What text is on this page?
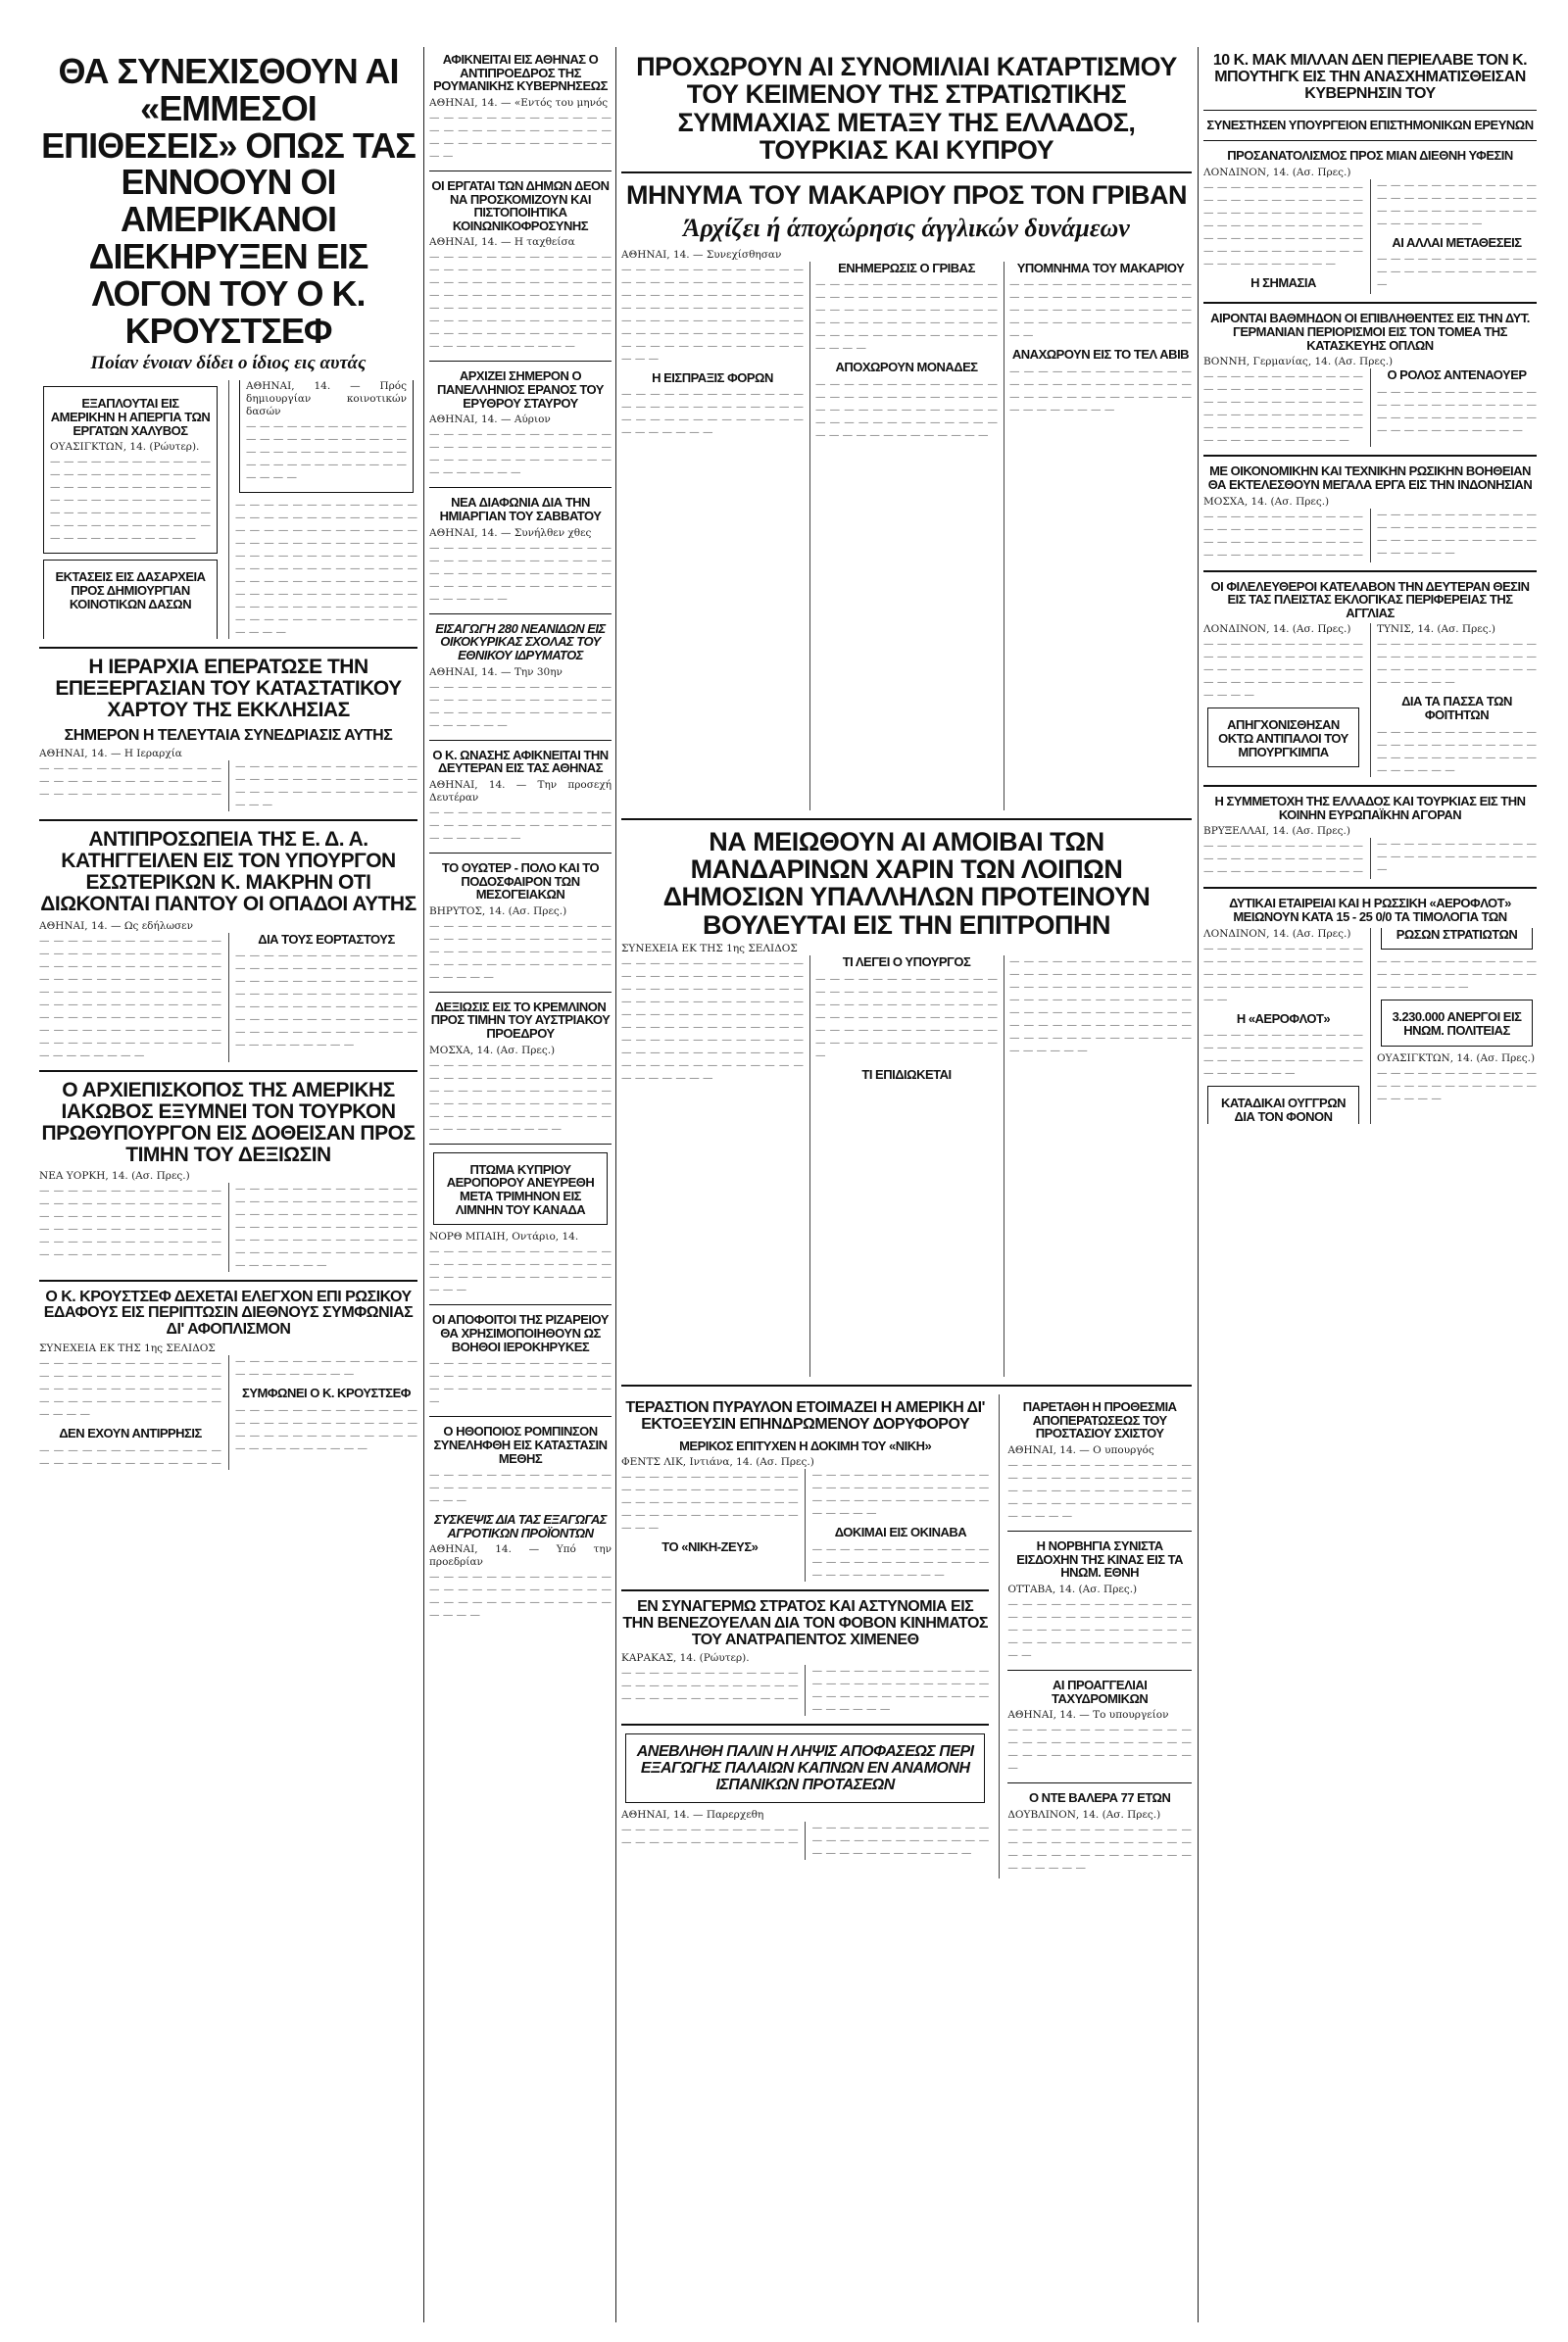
ΘΑ ΣΥΝΕΧΙΣΘΟΥΝ ΑΙ «ΕΜΜΕΣΟΙ ΕΠΙΘΕΣΕΙΣ» ΟΠΩΣ ΤΑΣ ΕΝΝΟΟΥΝ ΟΙ ΑΜΕΡΙΚΑΝΟΙ ΔΙΕΚΗΡΥΞΕΝ ΕΙΣ ΛΟΓΟΝ ΤΟΥ Ο Κ. ΚΡΟΥΣΤΣΕΦ
Ποίαν ένοιαν δίδει ο ίδιος εις αυτάς
ΕΞΑΠΛΟΥΤΑΙ ΕΙΣ ΑΜΕΡΙΚΗΝ Η ΑΠΕΡΓΙΑ ΤΩΝ ΕΡΓΑΤΩΝ ΧΑΛΥΒΟΣ

ΟΥΑΣΙΓΚΤΩΝ, 14. (Ρώυτερ).

— — — — — — — — — — — — — — — — — — — — — — — — — — — — — — — — — — — — — — — — — — — — — — — — — — — — — — — — — — — — — — — — — — — — — — — — — — — — — — — — — — —

ΕΚΤΑΣΕΙΣ ΕΙΣ ΔΑΣΑΡΧΕΙΑ ΠΡΟΣ ΔΗΜΙΟΥΡΓΙΑΝ ΚΟΙΝΟΤΙΚΩΝ ΔΑΣΩΝ

ΑΘΗΝΑΙ, 14. — Πρός δημιουργίαν κοινοτικών δασών

— — — — — — — — — — — — — — — — — — — — — — — — — — — — — — — — — — — — — — — — — — — — — — — — — — — —

— — — — — — — — — — — — — — — — — — — — — — — — — — — — — — — — — — — — — — — — — — — — — — — — — — — — — — — — — — — — — — — — — — — — — — — — — — — — — — — — — — — — — — — — — — — — — — — — — — — — — — — — — — — — — — — — — — — — — — — — — — — — — — — — — — — — — —

Η ΙΕΡΑΡΧΙΑ ΕΠΕΡΑΤΩΣΕ ΤΗΝ ΕΠΕΞΕΡΓΑΣΙΑΝ ΤΟΥ ΚΑΤΑΣΤΑΤΙΚΟΥ ΧΑΡΤΟΥ ΤΗΣ ΕΚΚΛΗΣΙΑΣ
ΣΗΜΕΡΟΝ Η ΤΕΛΕΥΤΑΙΑ ΣΥΝΕΔΡΙΑΣΙΣ ΑΥΤΗΣ

ΑΘΗΝΑΙ, 14. — Η Ιεραρχία

— — — — — — — — — — — — — — — — — — — — — — — — — — — — — — — — — — — — — — — — — — — — — — — — — — — — — — — — — — — — — — — — — — — — — — — — — — — — — — — — —

ΑΝΤΙΠΡΟΣΩΠΕΙΑ ΤΗΣ Ε. Δ. Α. ΚΑΤΗΓΓΕΙΛΕΝ ΕΙΣ ΤΟΝ ΥΠΟΥΡΓΟΝ ΕΣΩΤΕΡΙΚΩΝ Κ. ΜΑΚΡΗΝ ΟΤΙ ΔΙΩΚΟΝΤΑΙ ΠΑΝΤΟΥ ΟΙ ΟΠΑΔΟΙ ΑΥΤΗΣ

ΑΘΗΝΑΙ, 14. — Ως εδήλωσεν

— — — — — — — — — — — — — — — — — — — — — — — — — — — — — — — — — — — — — — — — — — — — — — — — — — — — — — — — — — — — — — — — — — — — — — — — — — — — — — — — — — — — — — — — — — — — — — — — — — — — — — — — — — — — — — — — — — — — — — — — — — — — —

ΔΙΑ ΤΟΥΣ ΕΟΡΤΑΣΤΟΥΣ

— — — — — — — — — — — — — — — — — — — — — — — — — — — — — — — — — — — — — — — — — — — — — — — — — — — — — — — — — — — — — — — — — — — — — — — — — — — — — — — — — — — — — — — — — — — — — — — — — — — —

Ο ΑΡΧΙΕΠΙΣΚΟΠΟΣ ΤΗΣ ΑΜΕΡΙΚΗΣ ΙΑΚΩΒΟΣ ΕΞΥΜΝΕΙ ΤΟΝ ΤΟΥΡΚΟΝ ΠΡΩΘΥΠΟΥΡΓΟΝ ΕΙΣ ΔΟΘΕΙΣΑΝ ΠΡΟΣ ΤΙΜΗΝ ΤΟΥ ΔΕΞΙΩΣΙΝ

ΝΕΑ ΥΟΡΚΗ, 14. (Ασ. Πρες.)

— — — — — — — — — — — — — — — — — — — — — — — — — — — — — — — — — — — — — — — — — — — — — — — — — — — — — — — — — — — — — — — — — — — — — — — — — — — — — — — — — — — — — — — — — — — — — — — — — — — — — — — — — — — — — — — — — — — — — — — — — — — — — — — — — — — — — — — — — — — — — — — — — — — — — — — — — — — — — — — — — — —

Ο Κ. ΚΡΟΥΣΤΣΕΦ ΔΕΧΕΤΑΙ ΕΛΕΓΧΟΝ ΕΠΙ ΡΩΣΙΚΟΥ ΕΔΑΦΟΥΣ ΕΙΣ ΠΕΡΙΠΤΩΣΙΝ ΔΙΕΘΝΟΥΣ ΣΥΜΦΩΝΙΑΣ ΔΙ' ΑΦΟΠΛΙΣΜΟΝ

ΣΥΝΕΧΕΙΑ ΕΚ ΤΗΣ 1ης ΣΕΛΙΔΟΣ

— — — — — — — — — — — — — — — — — — — — — — — — — — — — — — — — — — — — — — — — — — — — — — — — — — — — — — — —

ΔΕΝ ΕΧΟΥΝ ΑΝΤΙΡΡΗΣΙΣ

— — — — — — — — — — — — — — — — — — — — — — — — — — — — — — — — — — — — — — — — — — — — — — — —

ΣΥΜΦΩΝΕΙ Ο Κ. ΚΡΟΥΣΤΣΕΦ

— — — — — — — — — — — — — — — — — — — — — — — — — — — — — — — — — — — — — — — — — — — — — — — — —

ΑΦΙΚΝΕΙΤΑΙ ΕΙΣ ΑΘΗΝΑΣ Ο ΑΝΤΙΠΡΟΕΔΡΟΣ ΤΗΣ ΡΟΥΜΑΝΙΚΗΣ ΚΥΒΕΡΝΗΣΕΩΣ

ΑΘΗΝΑΙ, 14. — «Εντός του μηνός

— — — — — — — — — — — — — — — — — — — — — — — — — — — — — — — — — — — — — — — — —

ΟΙ ΕΡΓΑΤΑΙ ΤΩΝ ΔΗΜΩΝ ΔΕΟΝ ΝΑ ΠΡΟΣΚΟΜΙΖΟΥΝ ΚΑΙ ΠΙΣΤΟΠΟΙΗΤΙΚΑ ΚΟΙΝΩΝΙΚΟΦΡΟΣΥΝΗΣ

ΑΘΗΝΑΙ, 14. — Η ταχθείσα

— — — — — — — — — — — — — — — — — — — — — — — — — — — — — — — — — — — — — — — — — — — — — — — — — — — — — — — — — — — — — — — — — — — — — — — — — — — — — — — — — — — — — — — — — — — — — — — — — — — — — —

ΑΡΧΙΖΕΙ ΣΗΜΕΡΟΝ Ο ΠΑΝΕΛΛΗΝΙΟΣ ΕΡΑΝΟΣ ΤΟΥ ΕΡΥΘΡΟΥ ΣΤΑΥΡΟΥ

ΑΘΗΝΑΙ, 14. — Αύριον

— — — — — — — — — — — — — — — — — — — — — — — — — — — — — — — — — — — — — — — — — — — — — —

ΝΕΑ ΔΙΑΦΩΝΙΑ ΔΙΑ ΤΗΝ ΗΜΙΑΡΓΙΑΝ ΤΟΥ ΣΑΒΒΑΤΟΥ

ΑΘΗΝΑΙ, 14. — Συνήλθεν χθες

— — — — — — — — — — — — — — — — — — — — — — — — — — — — — — — — — — — — — — — — — — — — — — — — — — — — — — — — — —

ΕΙΣΑΓΩΓΗ 280 ΝΕΑΝΙΔΩΝ ΕΙΣ ΟΙΚΟΚΥΡΙΚΑΣ ΣΧΟΛΑΣ ΤΟΥ ΕΘΝΙΚΟΥ ΙΔΡΥΜΑΤΟΣ

ΑΘΗΝΑΙ, 14. — Την 30ην

— — — — — — — — — — — — — — — — — — — — — — — — — — — — — — — — — — — — — — — — — — — — —

Ο Κ. ΩΝΑΣΗΣ ΑΦΙΚΝΕΙΤΑΙ ΤΗΝ ΔΕΥΤΕΡΑΝ ΕΙΣ ΤΑΣ ΑΘΗΝΑΣ

ΑΘΗΝΑΙ, 14. — Την προσεχή Δευτέραν

— — — — — — — — — — — — — — — — — — — — — — — — — — — — — — — — —

ΤΟ ΟΥΩΤΕΡ - ΠΟΛΟ ΚΑΙ ΤΟ ΠΟΔΟΣΦΑΙΡΟΝ ΤΩΝ ΜΕΣΟΓΕΙΑΚΩΝ

ΒΗΡΥΤΟΣ, 14. (Ασ. Πρες.)

— — — — — — — — — — — — — — — — — — — — — — — — — — — — — — — — — — — — — — — — — — — — — — — — — — — — — — — — —

ΔΕΞΙΩΣΙΣ ΕΙΣ ΤΟ ΚΡΕΜΛΙΝΟΝ ΠΡΟΣ ΤΙΜΗΝ ΤΟΥ ΑΥΣΤΡΙΑΚΟΥ ΠΡΟΕΔΡΟΥ

ΜΟΣΧΑ, 14. (Ασ. Πρες.)

— — — — — — — — — — — — — — — — — — — — — — — — — — — — — — — — — — — — — — — — — — — — — — — — — — — — — — — — — — — — — — — — — — — — — — — — — — —

ΠΤΩΜΑ ΚΥΠΡΙΟΥ ΑΕΡΟΠΟΡΟΥ ΑΝΕΥΡΕΘΗ ΜΕΤΑ ΤΡΙΜΗΝΟΝ ΕΙΣ ΛΙΜΝΗΝ ΤΟΥ ΚΑΝΑΔΑ

ΝΟΡΘ ΜΠΑΙΗ, Οντάριο, 14.

— — — — — — — — — — — — — — — — — — — — — — — — — — — — — — — — — — — — — — — — — —

ΟΙ ΑΠΟΦΟΙΤΟΙ ΤΗΣ ΡΙΖΑΡΕΙΟΥ ΘΑ ΧΡΗΣΙΜΟΠΟΙΗΘΟΥΝ ΩΣ ΒΟΗΘΟΙ ΙΕΡΟΚΗΡΥΚΕΣ

— — — — — — — — — — — — — — — — — — — — — — — — — — — — — — — — — — — — — — — —

Ο ΗΘΟΠΟΙΟΣ ΡΟΜΠΙΝΣΟΝ ΣΥΝΕΛΗΦΘΗ ΕΙΣ ΚΑΤΑΣΤΑΣΙΝ ΜΕΘΗΣ

— — — — — — — — — — — — — — — — — — — — — — — — — — — — —

ΣΥΣΚΕΨΙΣ ΔΙΑ ΤΑΣ ΕΞΑΓΩΓΑΣ ΑΓΡΟΤΙΚΩΝ ΠΡΟΪΟΝΤΩΝ

ΑΘΗΝΑΙ, 14. — Υπό την προεδρίαν

— — — — — — — — — — — — — — — — — — — — — — — — — — — — — — — — — — — — — — — — — — —

ΠΡΟΧΩΡΟΥΝ ΑΙ ΣΥΝΟΜΙΛΙΑΙ ΚΑΤΑΡΤΙΣΜΟΥ ΤΟΥ ΚΕΙΜΕΝΟΥ ΤΗΣ ΣΤΡΑΤΙΩΤΙΚΗΣ ΣΥΜΜΑΧΙΑΣ ΜΕΤΑΞΥ ΤΗΣ ΕΛΛΑΔΟΣ, ΤΟΥΡΚΙΑΣ ΚΑΙ ΚΥΠΡΟΥ
ΜΗΝΥΜΑ ΤΟΥ ΜΑΚΑΡΙΟΥ ΠΡΟΣ ΤΟΝ ΓΡΙΒΑΝ
Άρχίζει ή άποχώρησις άγγλικών δυνάμεων

ΑΘΗΝΑΙ, 14. — Συνεχίσθησαν

— — — — — — — — — — — — — — — — — — — — — — — — — — — — — — — — — — — — — — — — — — — — — — — — — — — — — — — — — — — — — — — — — — — — — — — — — — — — — — — — — — — — — — — — — — — — — —

Η ΕΙΣΠΡΑΞΙΣ ΦΟΡΩΝ

— — — — — — — — — — — — — — — — — — — — — — — — — — — — — — — — — — — — — — — — — — — — — —

ΕΝΗΜΕΡΩΣΙΣ Ο ΓΡΙΒΑΣ

— — — — — — — — — — — — — — — — — — — — — — — — — — — — — — — — — — — — — — — — — — — — — — — — — — — — — — — — — — — — — — — — — — — — —

ΑΠΟΧΩΡΟΥΝ ΜΟΝΑΔΕΣ

— — — — — — — — — — — — — — — — — — — — — — — — — — — — — — — — — — — — — — — — — — — — — — — — — — — — — — — — — — — — — — — — —

ΥΠΟΜΝΗΜΑ ΤΟΥ ΜΑΚΑΡΙΟΥ

— — — — — — — — — — — — — — — — — — — — — — — — — — — — — — — — — — — — — — — — — — — — — — — — — — — — — —

ΑΝΑΧΩΡΟΥΝ ΕΙΣ ΤΟ ΤΕΛ ΑΒΙΒ

— — — — — — — — — — — — — — — — — — — — — — — — — — — — — — — — — — — — — — — — — — — — — — —

ΝΑ ΜΕΙΩΘΟΥΝ ΑΙ ΑΜΟΙΒΑΙ ΤΩΝ ΜΑΝΔΑΡΙΝΩΝ ΧΑΡΙΝ ΤΩΝ ΛΟΙΠΩΝ ΔΗΜΟΣΙΩΝ ΥΠΑΛΛΗΛΩΝ ΠΡΟΤΕΙΝΟΥΝ ΒΟΥΛΕΥΤΑΙ ΕΙΣ ΤΗΝ ΕΠΙΤΡΟΠΗΝ

ΣΥΝΕΧΕΙΑ ΕΚ ΤΗΣ 1ης ΣΕΛΙΔΟΣ

— — — — — — — — — — — — — — — — — — — — — — — — — — — — — — — — — — — — — — — — — — — — — — — — — — — — — — — — — — — — — — — — — — — — — — — — — — — — — — — — — — — — — — — — — — — — — — — — — — — — — — — — — — — — — — — — — — — — — — — — — — — —

ΤΙ ΛΕΓΕΙ Ο ΥΠΟΥΡΓΟΣ

— — — — — — — — — — — — — — — — — — — — — — — — — — — — — — — — — — — — — — — — — — — — — — — — — — — — — — — — — — — — — — — — — — — — — — — — — — — — — — —

ΤΙ ΕΠΙΔΙΩΚΕΤΑΙ

— — — — — — — — — — — — — — — — — — — — — — — — — — — — — — — — — — — — — — — — — — — — — — — — — — — — — — — — — — — — — — — — — — — — — — — — — — — — — — — — — — — — — — — — — — — — — — — — —

ΤΕΡΑΣΤΙΟΝ ΠΥΡΑΥΛΟΝ ΕΤΟΙΜΑΖΕΙ Η ΑΜΕΡΙΚΗ ΔΙ' ΕΚΤΟΞΕΥΣΙΝ ΕΠΗΝΔΡΩΜΕΝΟΥ ΔΟΡΥΦΟΡΟΥ
ΜΕΡΙΚΟΣ ΕΠΙΤΥΧΕΝ Η ΔΟΚΙΜΗ ΤΟΥ «ΝΙΚΗ»

ΦΕΝΤΣ ΛΙΚ, Ιντιάνα, 14. (Ασ. Πρες.)

— — — — — — — — — — — — — — — — — — — — — — — — — — — — — — — — — — — — — — — — — — — — — — — — — — — — — — —

ΤΟ «ΝΙΚΗ-ΖΕΥΣ»

— — — — — — — — — — — — — — — — — — — — — — — — — — — — — — — — — — — — — — — — — — — —

ΔΟΚΙΜΑΙ ΕΙΣ ΟΚΙΝΑΒΑ

— — — — — — — — — — — — — — — — — — — — — — — — — — — — — — — — — — — —

ΕΝ ΣΥΝΑΓΕΡΜΩ ΣΤΡΑΤΟΣ ΚΑΙ ΑΣΤΥΝΟΜΙΑ ΕΙΣ ΤΗΝ ΒΕΝΕΖΟΥΕΛΑΝ ΔΙΑ ΤΟΝ ΦΟΒΟΝ ΚΙΝΗΜΑΤΟΣ ΤΟΥ ΑΝΑΤΡΑΠΕΝΤΟΣ ΧΙΜΕΝΕΘ

ΚΑΡΑΚΑΣ, 14. (Ρώυτερ).

— — — — — — — — — — — — — — — — — — — — — — — — — — — — — — — — — — — — — — — — — — — — — — — — — — — — — — — — — — — — — — — — — — — — — — — — — — — — — — — — — — — —

ΑΝΕΒΛΗΘΗ ΠΑΛΙΝ Η ΛΗΨΙΣ ΑΠΟΦΑΣΕΩΣ ΠΕΡΙ ΕΞΑΓΩΓΗΣ ΠΑΛΑΙΩΝ ΚΑΠΝΩΝ ΕΝ ΑΝΑΜΟΝΗ ΙΣΠΑΝΙΚΩΝ ΠΡΟΤΑΣΕΩΝ

ΑΘΗΝΑΙ, 14. — Παρερχεθη

— — — — — — — — — — — — — — — — — — — — — — — — — — — — — — — — — — — — — — — — — — — — — — — — — — — — — — — — — — — — — — — —

ΠΑΡΕΤΑΘΗ Η ΠΡΟΘΕΣΜΙΑ ΑΠΟΠΕΡΑΤΩΣΕΩΣ ΤΟΥ ΠΡΟΣΤΑΣΙΟΥ ΣΧΙΣΤΟΥ

ΑΘΗΝΑΙ, 14. — Ο υπουργός

— — — — — — — — — — — — — — — — — — — — — — — — — — — — — — — — — — — — — — — — — — — — — — — — — — — — — — — — —

Η ΝΟΡΒΗΓΙΑ ΣΥΝΙΣΤΑ ΕΙΣΔΟΧΗΝ ΤΗΣ ΚΙΝΑΣ ΕΙΣ ΤΑ ΗΝΩΜ. ΕΘΝΗ

ΟΤΤΑΒΑ, 14. (Ασ. Πρες.)

— — — — — — — — — — — — — — — — — — — — — — — — — — — — — — — — — — — — — — — — — — — — — — — — — — — — — —

ΑΙ ΠΡΟΑΓΓΕΛΙΑΙ ΤΑΧΥΔΡΟΜΙΚΩΝ

ΑΘΗΝΑΙ, 14. — Το υπουργείον

— — — — — — — — — — — — — — — — — — — — — — — — — — — — — — — — — — — — — — — —

Ο ΝΤΕ ΒΑΛΕΡΑ 77 ΕΤΩΝ

ΔΟΥΒΛΙΝΟΝ, 14. (Ασ. Πρες.)

— — — — — — — — — — — — — — — — — — — — — — — — — — — — — — — — — — — — — — — — — — — — —

10 Κ. ΜΑΚ ΜΙΛΛΑΝ ΔΕΝ ΠΕΡΙΕΛΑΒΕ ΤΟΝ Κ. ΜΠΟΥΤΗΓΚ ΕΙΣ ΤΗΝ ΑΝΑΣΧΗΜΑΤΙΣΘΕΙΣΑΝ ΚΥΒΕΡΝΗΣΙΝ ΤΟΥ
ΣΥΝΕΣΤΗΣΕΝ ΥΠΟΥΡΓΕΙΟΝ ΕΠΙΣΤΗΜΟΝΙΚΩΝ ΕΡΕΥΝΩΝ
ΠΡΟΣΑΝΑΤΟΛΙΣΜΟΣ ΠΡΟΣ ΜΙΑΝ ΔΙΕΘΝΗ ΥΦΕΣΙΝ

ΛΟΝΔΙΝΟΝ, 14. (Ασ. Πρες.)

— — — — — — — — — — — — — — — — — — — — — — — — — — — — — — — — — — — — — — — — — — — — — — — — — — — — — — — — — — — — — — — — — — — — — — — — — — — — — — — — — —

Η ΣΗΜΑΣΙΑ

— — — — — — — — — — — — — — — — — — — — — — — — — — — — — — — — — — — — — — — — — — — —

ΑΙ ΑΛΛΑΙ ΜΕΤΑΘΕΣΕΙΣ

— — — — — — — — — — — — — — — — — — — — — — — — —

ΑΙΡΟΝΤΑΙ ΒΑΘΜΗΔΟΝ ΟΙ ΕΠΙΒΛΗΘΕΝΤΕΣ ΕΙΣ ΤΗΝ ΔΥΤ. ΓΕΡΜΑΝΙΑΝ ΠΕΡΙΟΡΙΣΜΟΙ ΕΙΣ ΤΟΝ ΤΟΜΕΑ ΤΗΣ ΚΑΤΑΣΚΕΥΗΣ ΟΠΛΩΝ

ΒΟΝΝΗ, Γερμανίας, 14. (Ασ. Πρες.)

— — — — — — — — — — — — — — — — — — — — — — — — — — — — — — — — — — — — — — — — — — — — — — — — — — — — — — — — — — — — — — — — — — — — — — —

Ο ΡΟΛΟΣ ΑΝΤΕΝΑΟΥΕΡ

— — — — — — — — — — — — — — — — — — — — — — — — — — — — — — — — — — — — — — — — — — — — — — —

ΜΕ ΟΙΚΟΝΟΜΙΚΗΝ ΚΑΙ ΤΕΧΝΙΚΗΝ ΡΩΣΙΚΗΝ ΒΟΗΘΕΙΑΝ ΘΑ ΕΚΤΕΛΕΣΘΟΥΝ ΜΕΓΑΛΑ ΕΡΓΑ ΕΙΣ ΤΗΝ ΙΝΔΟΝΗΣΙΑΝ

ΜΟΣΧΑ, 14. (Ασ. Πρες.)

— — — — — — — — — — — — — — — — — — — — — — — — — — — — — — — — — — — — — — — — — — — — — — — — — — — — — — — — — — — — — — — — — — — — — — — — — — — — — — — — — — — — — — — — — —

ΟΙ ΦΙΛΕΛΕΥΘΕΡΟΙ ΚΑΤΕΛΑΒΟΝ ΤΗΝ ΔΕΥΤΕΡΑΝ ΘΕΣΙΝ ΕΙΣ ΤΑΣ ΠΛΕΙΣΤΑΣ ΕΚΛΟΓΙΚΑΣ ΠΕΡΙΦΕΡΕΙΑΣ ΤΗΣ ΑΓΓΛΙΑΣ

ΛΟΝΔΙΝΟΝ, 14. (Ασ. Πρες.)

— — — — — — — — — — — — — — — — — — — — — — — — — — — — — — — — — — — — — — — — — — — — — — — — — — — —

ΑΠΗΓΧΟΝΙΣΘΗΣΑΝ ΟΚΤΩ ΑΝΤΙΠΑΛΟΙ ΤΟΥ ΜΠΟΥΡΓΚΙΜΠΑ

ΤΥΝΙΣ, 14. (Ασ. Πρες.)

— — — — — — — — — — — — — — — — — — — — — — — — — — — — — — — — — — — — — — — — — —

ΔΙΑ ΤΑ ΠΑΣΣΑ ΤΩΝ ΦΟΙΤΗΤΩΝ

— — — — — — — — — — — — — — — — — — — — — — — — — — — — — — — — — — — — — — — — — —

Η ΣΥΜΜΕΤΟΧΗ ΤΗΣ ΕΛΛΑΔΟΣ ΚΑΙ ΤΟΥΡΚΙΑΣ ΕΙΣ ΤΗΝ ΚΟΙΝΗΝ ΕΥΡΩΠΑΪΚΗΝ ΑΓΟΡΑΝ

ΒΡΥΞΕΛΛΑΙ, 14. (Ασ. Πρες.)

— — — — — — — — — — — — — — — — — — — — — — — — — — — — — — — — — — — — — — — — — — — — — — — — — — — — — — — — — — — — —

ΔΥΤΙΚΑΙ ΕΤΑΙΡΕΙΑΙ ΚΑΙ Η ΡΩΣΣΙΚΗ «ΑΕΡΟΦΛΟΤ» ΜΕΙΩΝΟΥΝ ΚΑΤΑ 15 - 25 0/0 ΤΑ ΤΙΜΟΛΟΓΙΑ ΤΩΝ

ΛΟΝΔΙΝΟΝ, 14. (Ασ. Πρες.)

— — — — — — — — — — — — — — — — — — — — — — — — — — — — — — — — — — — — — — — — — — — — — — — — — —

Η «ΑΕΡΟΦΛΟΤ»

— — — — — — — — — — — — — — — — — — — — — — — — — — — — — — — — — — — — — — — — — — —

ΚΑΤΑΔΙΚΑΙ ΟΥΓΓΡΩΝ ΔΙΑ ΤΟΝ ΦΟΝΟΝ ΡΩΣΩΝ ΣΤΡΑΤΙΩΤΩΝ

— — — — — — — — — — — — — — — — — — — — — — — — — — — — — — —

3.230.000 ΑΝΕΡΓΟΙ ΕΙΣ ΗΝΩΜ. ΠΟΛΙΤΕΙΑΣ

ΟΥΑΣΙΓΚΤΩΝ, 14. (Ασ. Πρες.)

— — — — — — — — — — — — — — — — — — — — — — — — — — — — —
